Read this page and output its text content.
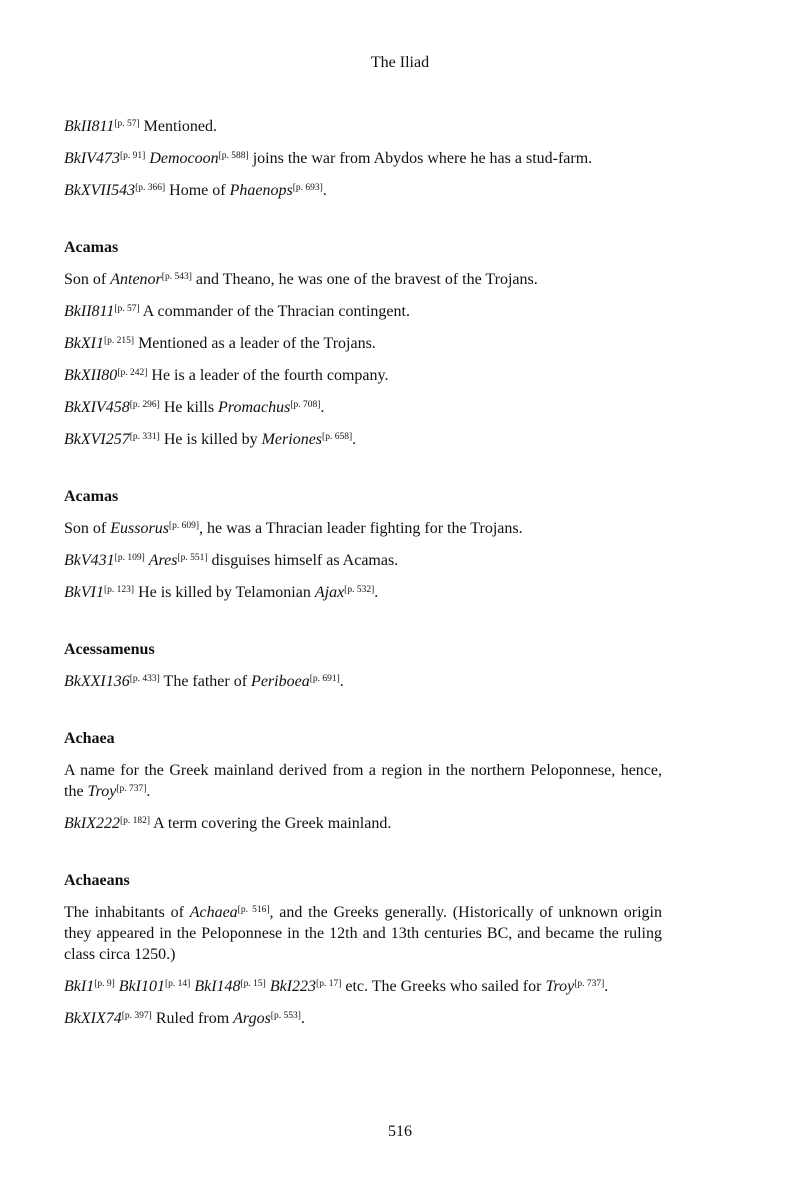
The Iliad
BkII811[p. 57] Mentioned.
BkIV473[p. 91] Democoon[p. 588] joins the war from Abydos where he has a stud-farm.
BkXVII543[p. 366] Home of Phaenops[p. 693].
Acamas
Son of Antenor[p. 543] and Theano, he was one of the bravest of the Trojans.
BkII811[p. 57] A commander of the Thracian contingent.
BkXI1[p. 215] Mentioned as a leader of the Trojans.
BkXII80[p. 242] He is a leader of the fourth company.
BkXIV458[p. 296] He kills Promachus[p. 708].
BkXVI257[p. 331] He is killed by Meriones[p. 658].
Acamas
Son of Eussorus[p. 609], he was a Thracian leader fighting for the Trojans.
BkV431[p. 109] Ares[p. 551] disguises himself as Acamas.
BkVI1[p. 123] He is killed by Telamonian Ajax[p. 532].
Acessamenus
BkXXI136[p. 433] The father of Periboea[p. 691].
Achaea
A name for the Greek mainland derived from a region in the northern Peloponnese, hence, the Troy[p. 737].
BkIX222[p. 182] A term covering the Greek mainland.
Achaeans
The inhabitants of Achaea[p. 516], and the Greeks generally. (Historically of unknown origin they appeared in the Peloponnese in the 12th and 13th centuries BC, and became the ruling class circa 1250.)
BkI1[p. 9] BkI101[p. 14] BkI148[p. 15] BkI223[p. 17] etc. The Greeks who sailed for Troy[p. 737].
BkXIX74[p. 397] Ruled from Argos[p. 553].
516
